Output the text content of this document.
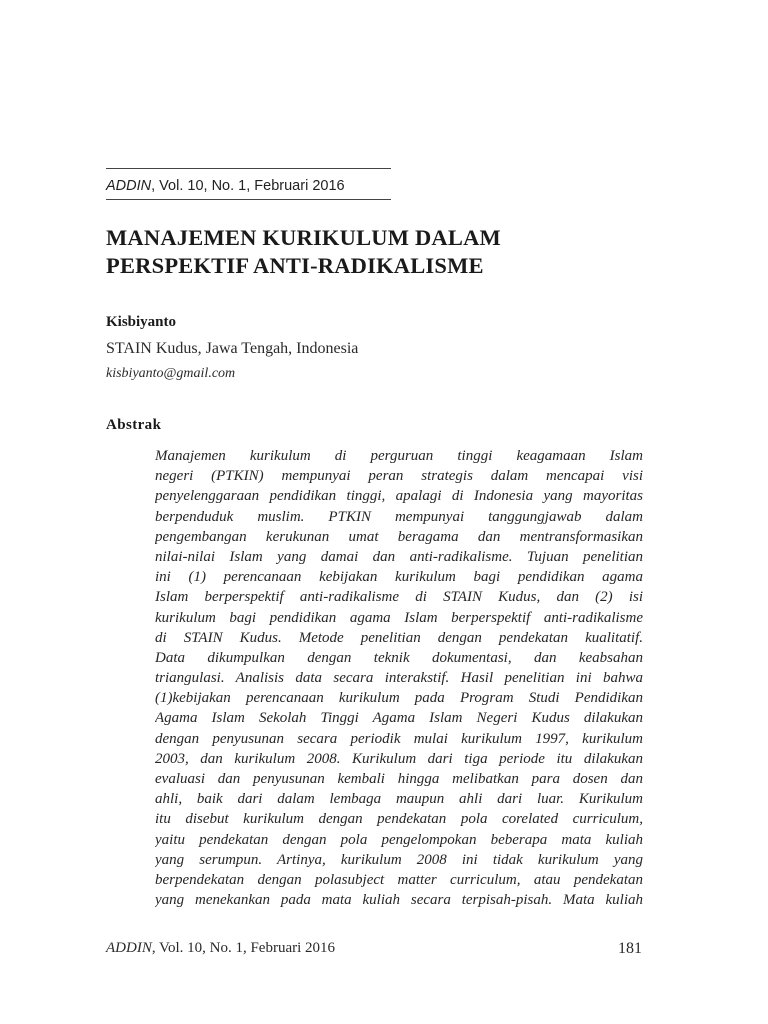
ADDIN, Vol. 10, No. 1, Februari 2016
MANAJEMEN KURIKULUM DALAM
PERSPEKTIF ANTI-RADIKALISME
Kisbiyanto
STAIN Kudus, Jawa Tengah, Indonesia
kisbiyanto@gmail.com
Abstrak
Manajemen kurikulum di perguruan tinggi keagamaan Islam
negeri (PTKIN) mempunyai peran strategis dalam mencapai visi
penyelenggaraan pendidikan tinggi, apalagi di Indonesia yang mayoritas
berpenduduk muslim. PTKIN mempunyai tanggungjawab dalam
pengembangan kerukunan umat beragama dan mentransformasikan
nilai-nilai Islam yang damai dan anti-radikalisme. Tujuan penelitian
ini (1) perencanaan kebijakan kurikulum bagi pendidikan agama
Islam berperspektif anti-radikalisme di STAIN Kudus, dan (2) isi
kurikulum bagi pendidikan agama Islam berperspektif anti-radikalisme
di STAIN Kudus. Metode penelitian dengan pendekatan kualitatif.
Data dikumpulkan dengan teknik dokumentasi, dan keabsahan
triangulasi. Analisis data secara interakstif. Hasil penelitian ini bahwa
(1)kebijakan perencanaan kurikulum pada Program Studi Pendidikan
Agama Islam Sekolah Tinggi Agama Islam Negeri Kudus dilakukan
dengan penyusunan secara periodik mulai kurikulum 1997, kurikulum
2003, dan kurikulum 2008. Kurikulum dari tiga periode itu dilakukan
evaluasi dan penyusunan kembali hingga melibatkan para dosen dan
ahli, baik dari dalam lembaga maupun ahli dari luar. Kurikulum
itu disebut kurikulum dengan pendekatan pola corelated curriculum,
yaitu pendekatan dengan pola pengelompokan beberapa mata kuliah
yang serumpun. Artinya, kurikulum 2008 ini tidak kurikulum yang
berpendekatan dengan polasubject matter curriculum, atau pendekatan
yang menekankan pada mata kuliah secara terpisah-pisah. Mata kuliah
ADDIN, Vol. 10, No. 1, Februari 2016	181
